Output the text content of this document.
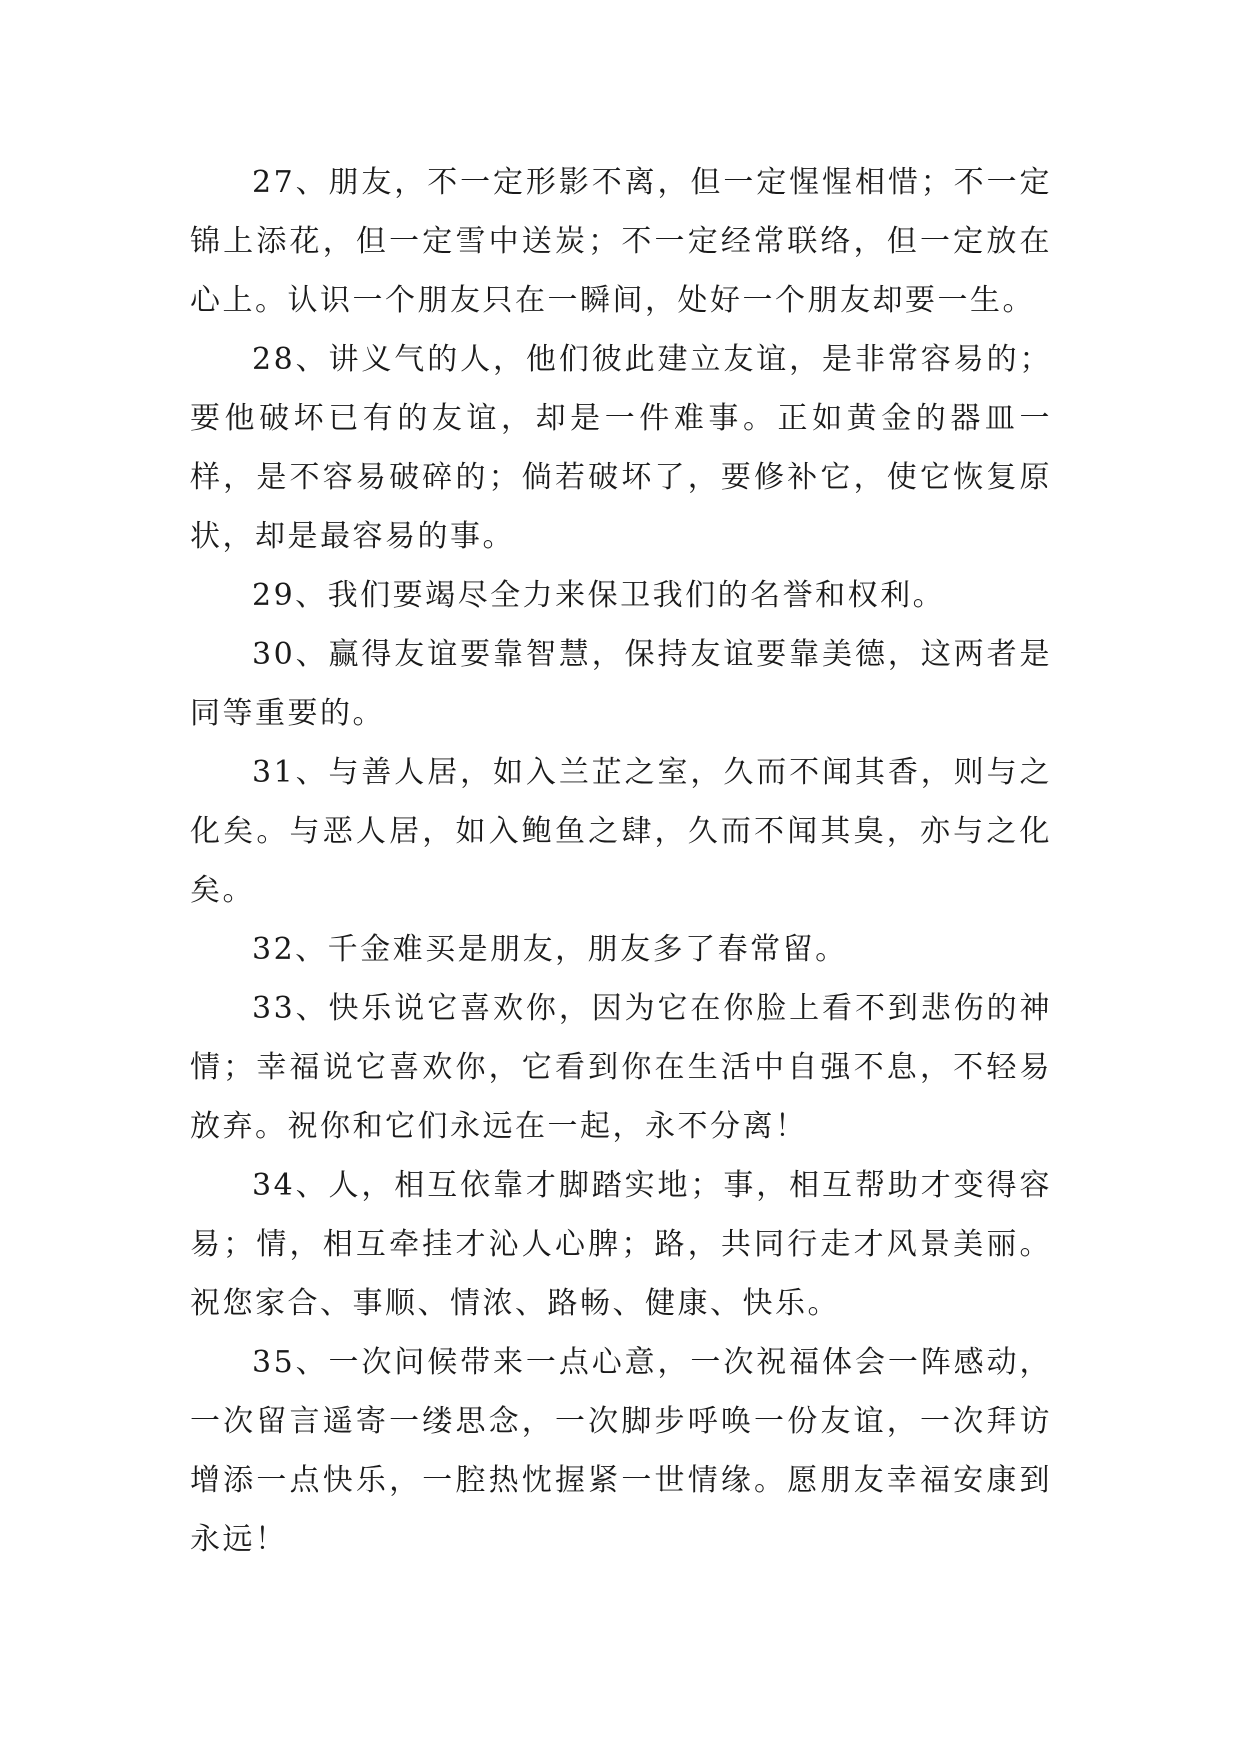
27、朋友，不一定形影不离，但一定惺惺相惜；不一定锦上添花，但一定雪中送炭；不一定经常联络，但一定放在心上。认识一个朋友只在一瞬间，处好一个朋友却要一生。

28、讲义气的人，他们彼此建立友谊，是非常容易的；要他破坏已有的友谊，却是一件难事。正如黄金的器皿一样，是不容易破碎的；倘若破坏了，要修补它，使它恢复原状，却是最容易的事。

29、我们要竭尽全力来保卫我们的名誉和权利。

30、赢得友谊要靠智慧，保持友谊要靠美德，这两者是同等重要的。

31、与善人居，如入兰芷之室，久而不闻其香，则与之化矣。与恶人居，如入鲍鱼之肆，久而不闻其臭，亦与之化矣。

32、千金难买是朋友，朋友多了春常留。

33、快乐说它喜欢你，因为它在你脸上看不到悲伤的神情；幸福说它喜欢你，它看到你在生活中自强不息，不轻易放弃。祝你和它们永远在一起，永不分离！

34、人，相互依靠才脚踏实地；事，相互帮助才变得容易；情，相互牵挂才沁人心脾；路，共同行走才风景美丽。祝您家合、事顺、情浓、路畅、健康、快乐。

35、一次问候带来一点心意，一次祝福体会一阵感动，一次留言遥寄一缕思念，一次脚步呼唤一份友谊，一次拜访增添一点快乐，一腔热忱握紧一世情缘。愿朋友幸福安康到永远！
